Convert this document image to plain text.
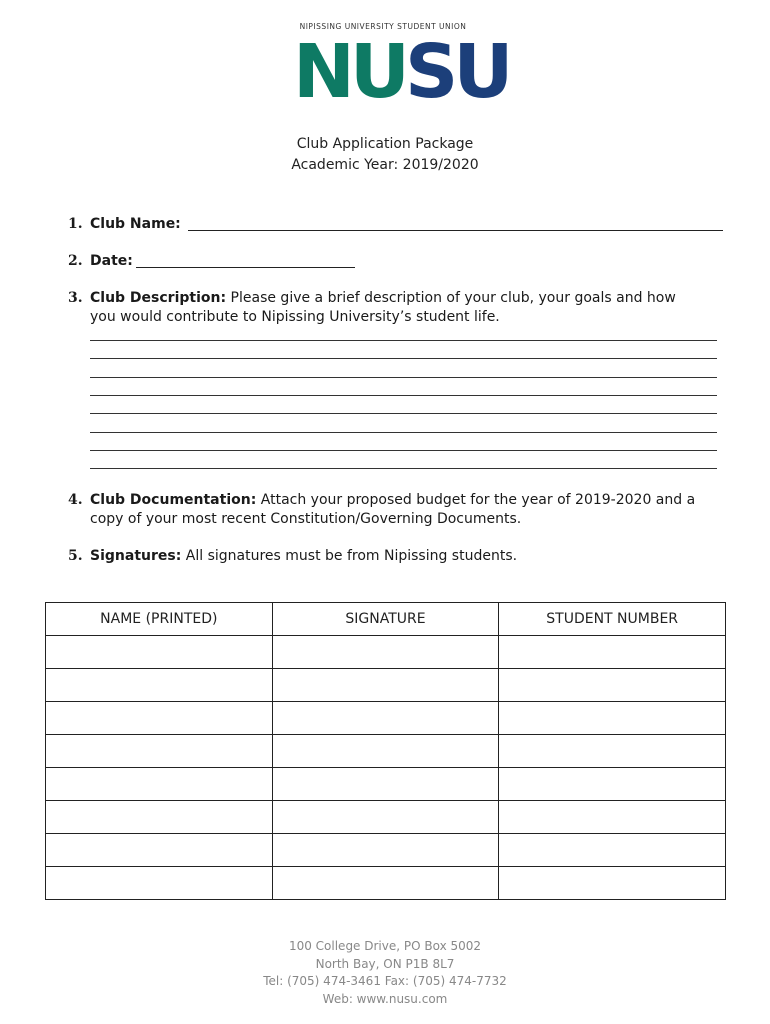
NIPISSING UNIVERSITY STUDENT UNION
NUSU
Club Application Package
Academic Year: 2019/2020
1. Club Name:
2. Date:
3. Club Description: Please give a brief description of your club, your goals and how
you would contribute to Nipissing University’s student life.
4. Club Documentation: Attach your proposed budget for the year of 2019-2020 and a
copy of your most recent Constitution/Governing Documents.
5. Signatures: All signatures must be from Nipissing students.
NAME (PRINTED)	SIGNATURE	STUDENT NUMBER

100 College Drive, PO Box 5002
North Bay, ON P1B 8L7
Tel: (705) 474-3461 Fax: (705) 474-7732
Web: www.nusu.com
